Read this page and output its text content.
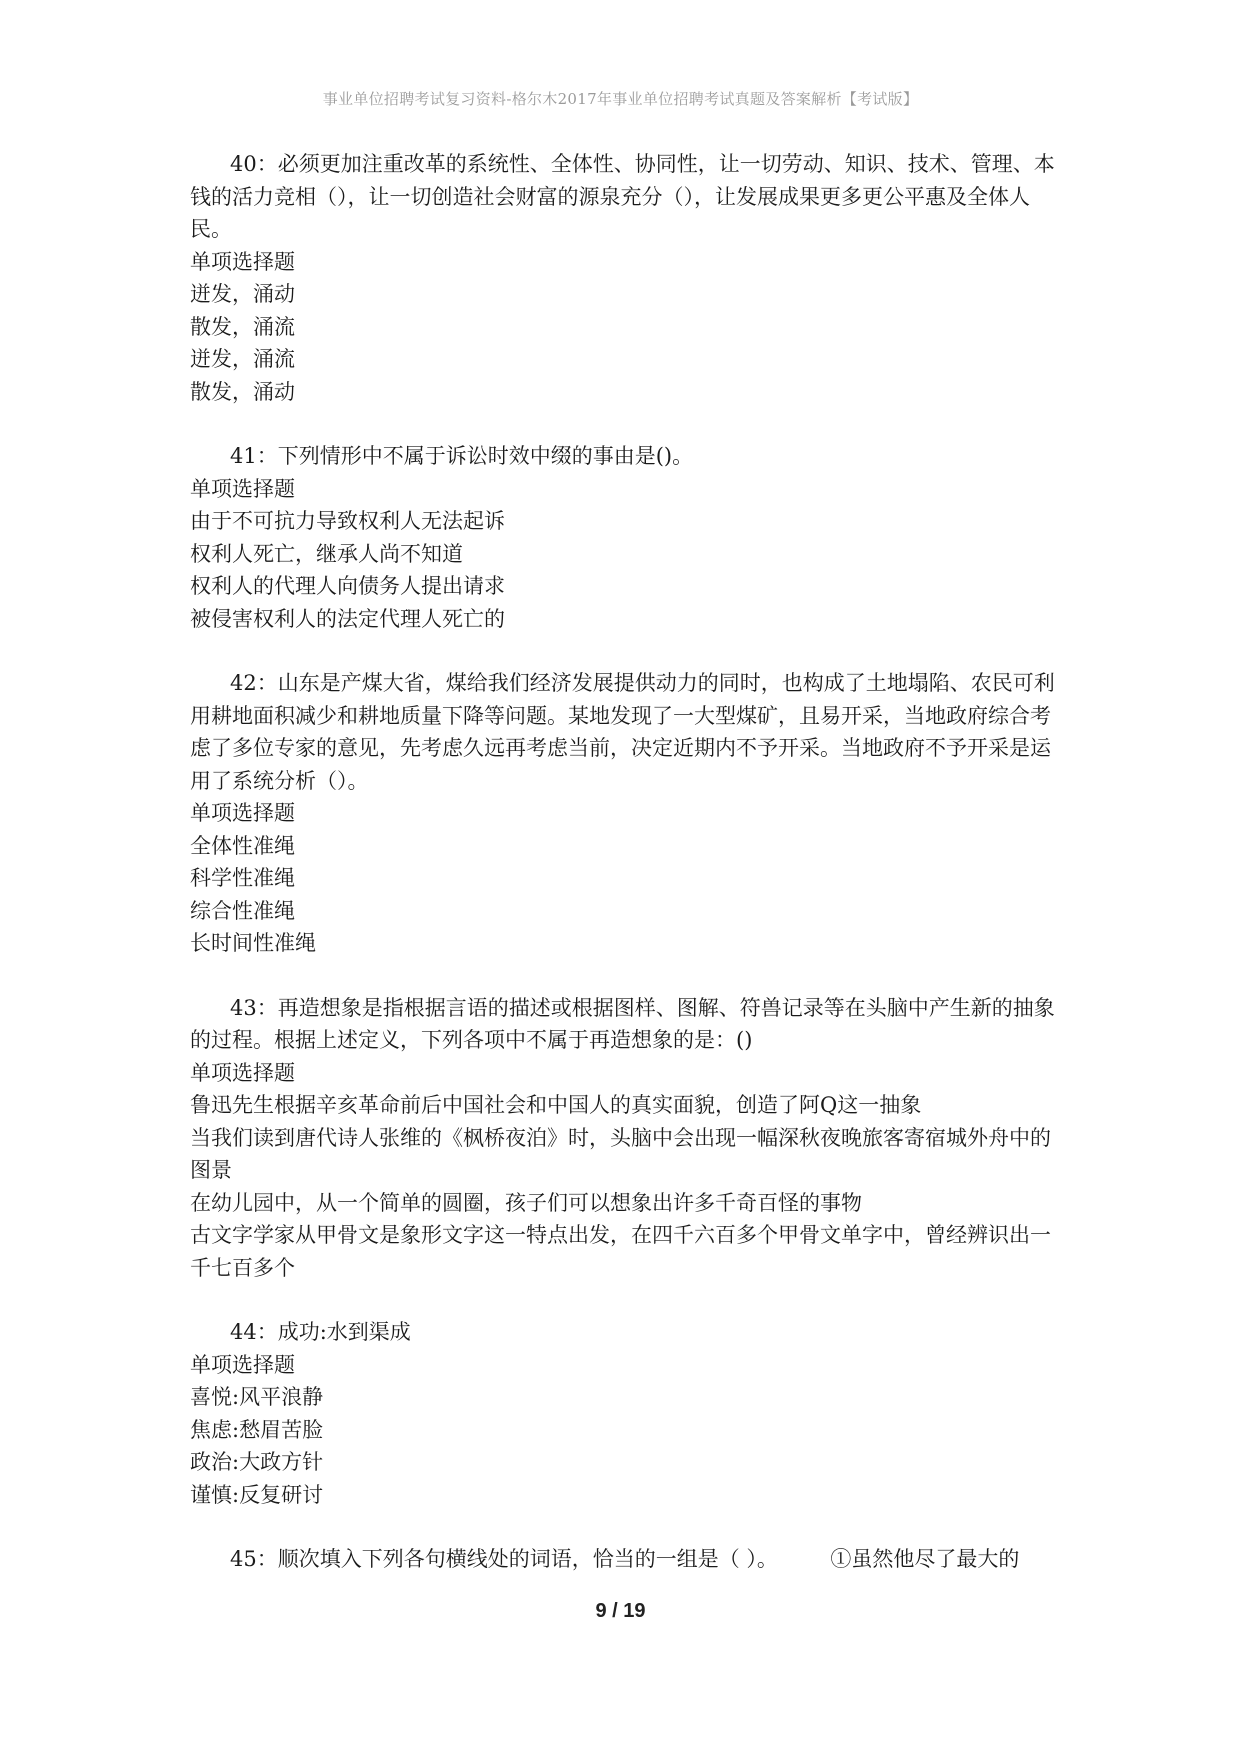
事业单位招聘考试复习资料-格尔木2017年事业单位招聘考试真题及答案解析【考试版】
40：必须更加注重改革的系统性、全体性、协同性，让一切劳动、知识、技术、管理、本钱的活力竞相（），让一切创造社会财富的源泉充分（），让发展成果更多更公平惠及全体人民。
单项选择题
迸发，涌动
散发，涌流
迸发，涌流
散发，涌动
41：下列情形中不属于诉讼时效中缀的事由是()。
单项选择题
由于不可抗力导致权利人无法起诉
权利人死亡，继承人尚不知道
权利人的代理人向债务人提出请求
被侵害权利人的法定代理人死亡的
42：山东是产煤大省，煤给我们经济发展提供动力的同时，也构成了土地塌陷、农民可利用耕地面积减少和耕地质量下降等问题。某地发现了一大型煤矿，且易开采，当地政府综合考虑了多位专家的意见，先考虑久远再考虑当前，决定近期内不予开采。当地政府不予开采是运用了系统分析（）。
单项选择题
全体性准绳
科学性准绳
综合性准绳
长时间性准绳
43：再造想象是指根据言语的描述或根据图样、图解、符兽记录等在头脑中产生新的抽象的过程。根据上述定义，下列各项中不属于再造想象的是：()
单项选择题
鲁迅先生根据辛亥革命前后中国社会和中国人的真实面貌，创造了阿Q这一抽象
当我们读到唐代诗人张维的《枫桥夜泊》时，头脑中会出现一幅深秋夜晚旅客寄宿城外舟中的图景
在幼儿园中，从一个简单的圆圈，孩子们可以想象出许多千奇百怪的事物
古文字学家从甲骨文是象形文字这一特点出发，在四千六百多个甲骨文单字中，曾经辨识出一千七百多个
44：成功:水到渠成
单项选择题
喜悦:风平浪静
焦虑:愁眉苦脸
政治:大政方针
谨慎:反复研讨
45：顺次填入下列各句横线处的词语，恰当的一组是（ ）。　　　①虽然他尽了最大的
9 / 19
